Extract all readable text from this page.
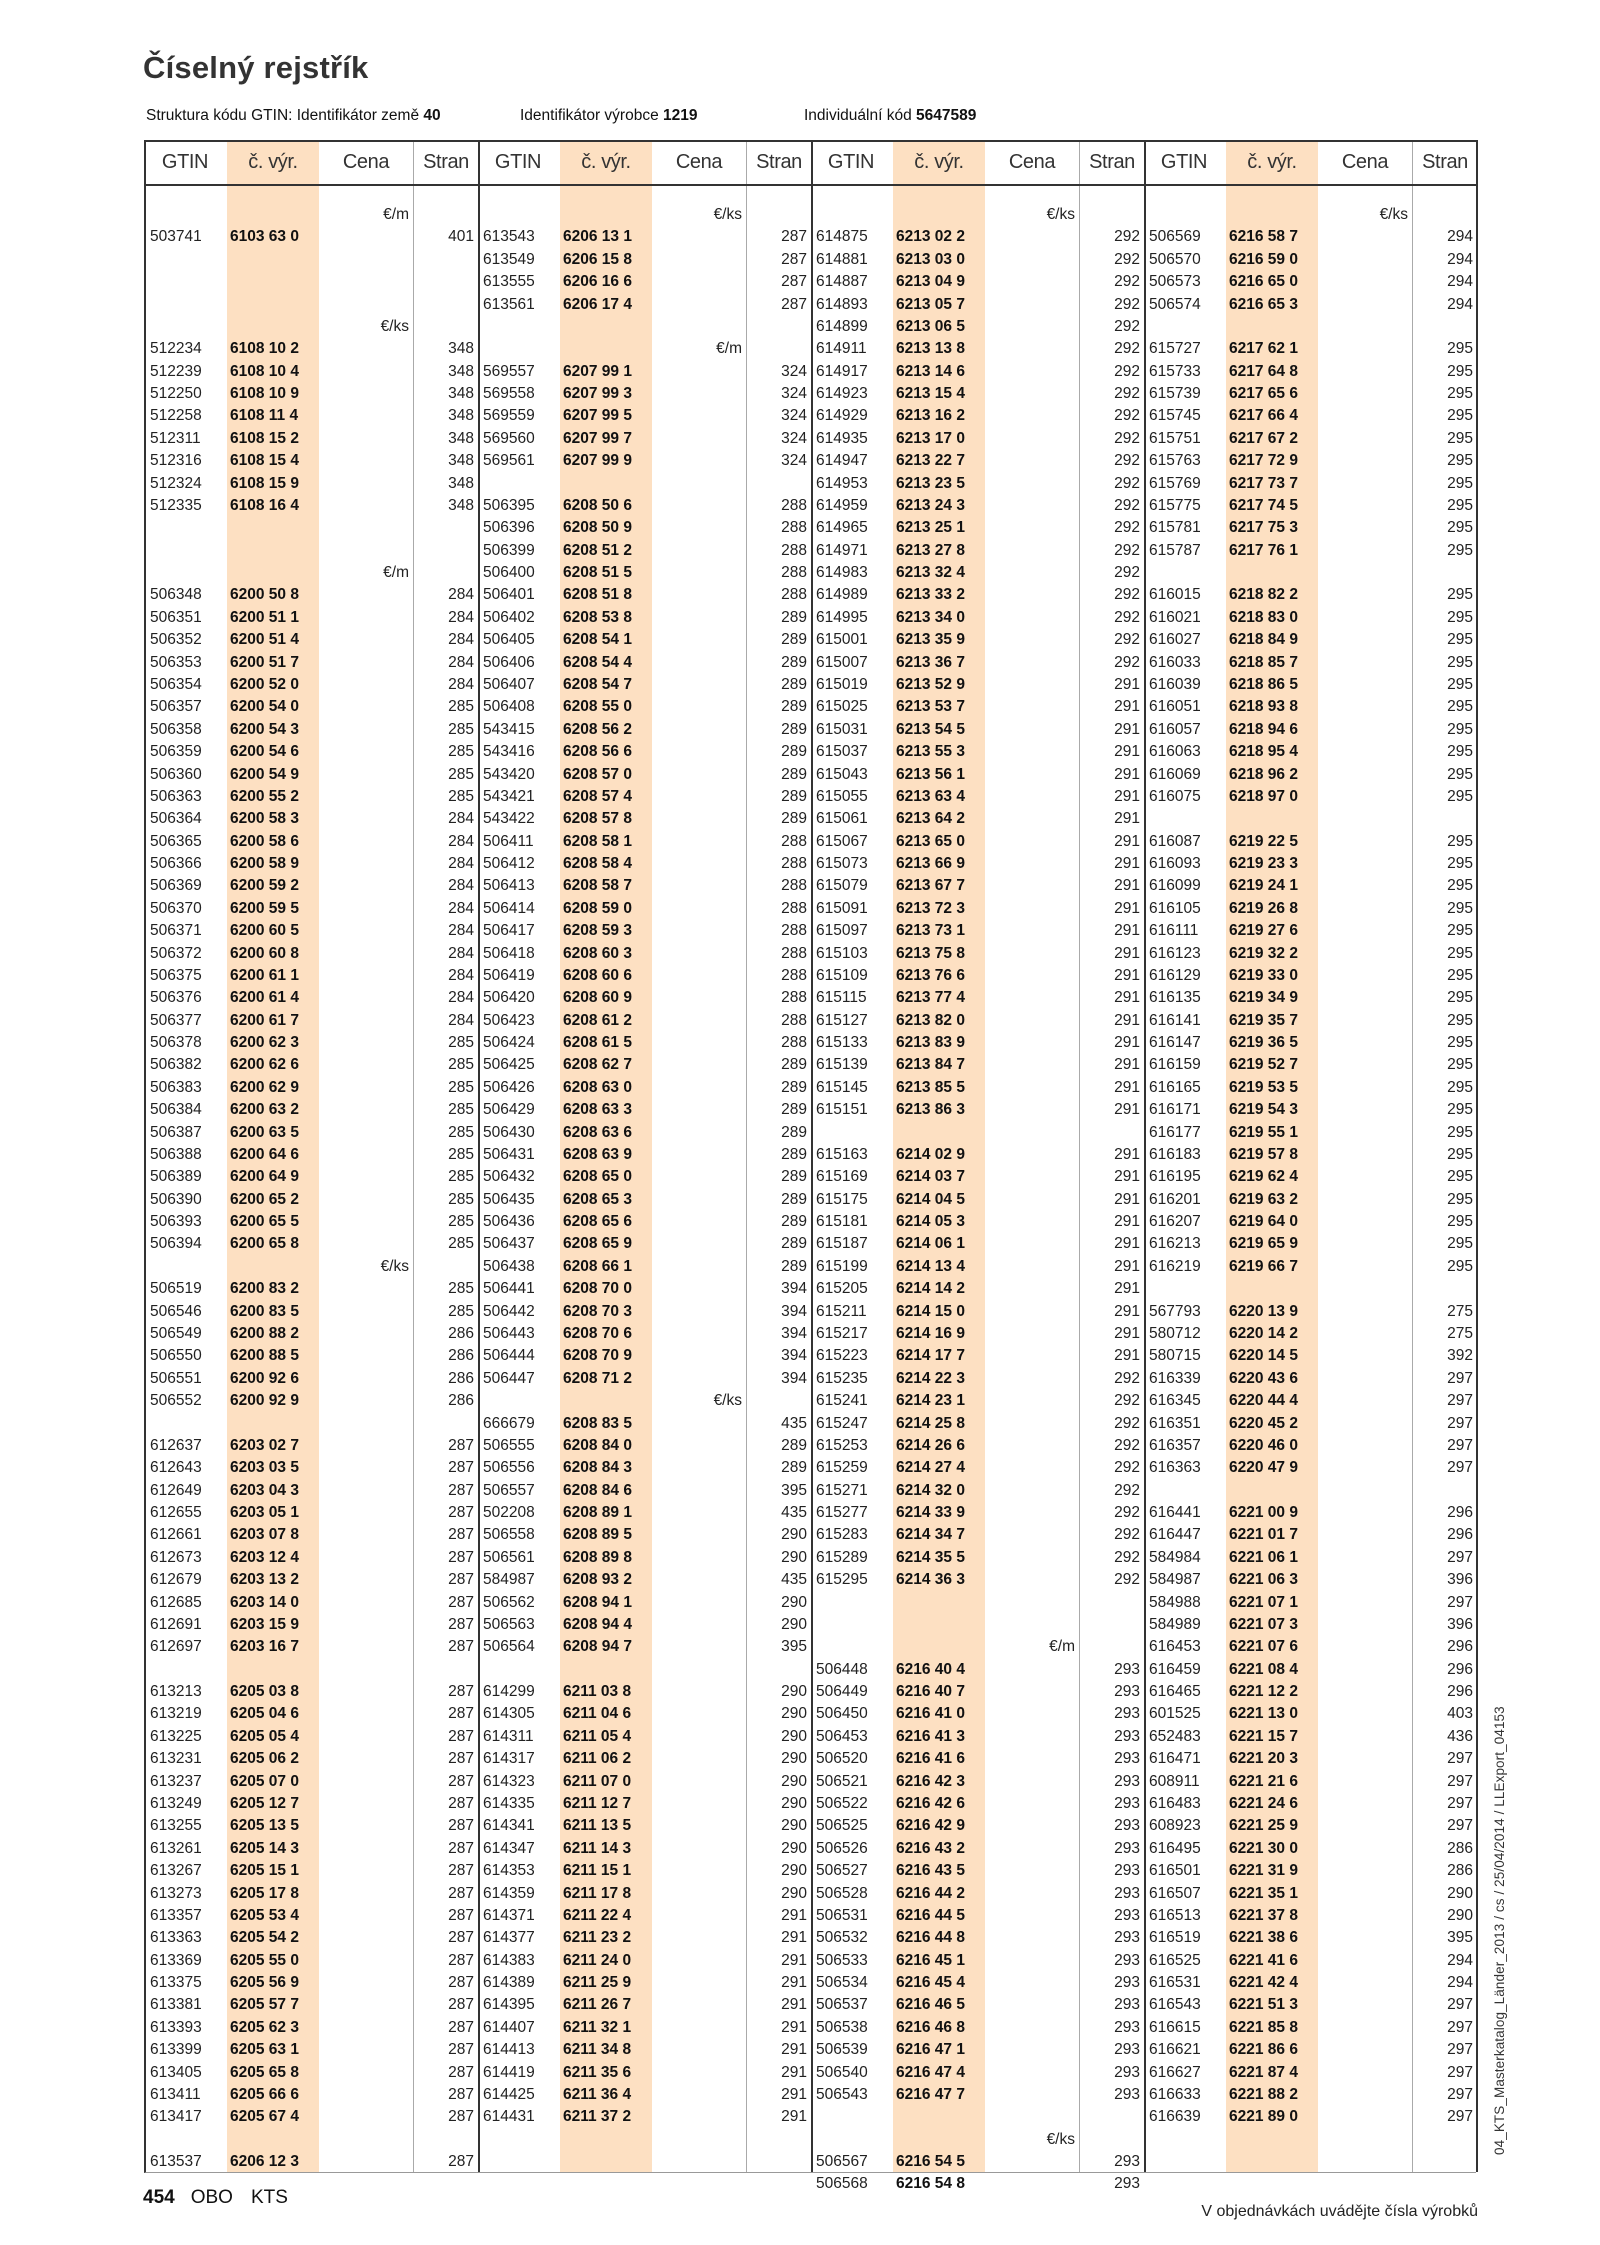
Číselný rejstřík
Struktura kódu GTIN: Identifikátor země 40	Identifikátor výrobce 1219	Individuální kód 5647589
GTIN	č. výr.	Cena	Stran
€/m
503741	6103 63 0	401
€/ks
512234	6108 10 2	348
512239	6108 10 4	348
512250	6108 10 9	348
512258	6108 11 4	348
512311	6108 15 2	348
512316	6108 15 4	348
512324	6108 15 9	348
512335	6108 16 4	348
€/m
506348	6200 50 8	284
506351	6200 51 1	284
506352	6200 51 4	284
506353	6200 51 7	284
506354	6200 52 0	284
506357	6200 54 0	285
506358	6200 54 3	285
506359	6200 54 6	285
506360	6200 54 9	285
506363	6200 55 2	285
506364	6200 58 3	284
506365	6200 58 6	284
506366	6200 58 9	284
506369	6200 59 2	284
506370	6200 59 5	284
506371	6200 60 5	284
506372	6200 60 8	284
506375	6200 61 1	284
506376	6200 61 4	284
506377	6200 61 7	284
506378	6200 62 3	285
506382	6200 62 6	285
506383	6200 62 9	285
506384	6200 63 2	285
506387	6200 63 5	285
506388	6200 64 6	285
506389	6200 64 9	285
506390	6200 65 2	285
506393	6200 65 5	285
506394	6200 65 8	285
€/ks
506519	6200 83 2	285
506546	6200 83 5	285
506549	6200 88 2	286
506550	6200 88 5	286
506551	6200 92 6	286
506552	6200 92 9	286
612637	6203 02 7	287
612643	6203 03 5	287
612649	6203 04 3	287
612655	6203 05 1	287
612661	6203 07 8	287
612673	6203 12 4	287
612679	6203 13 2	287
612685	6203 14 0	287
612691	6203 15 9	287
612697	6203 16 7	287
613213	6205 03 8	287
613219	6205 04 6	287
613225	6205 05 4	287
613231	6205 06 2	287
613237	6205 07 0	287
613249	6205 12 7	287
613255	6205 13 5	287
613261	6205 14 3	287
613267	6205 15 1	287
613273	6205 17 8	287
613357	6205 53 4	287
613363	6205 54 2	287
613369	6205 55 0	287
613375	6205 56 9	287
613381	6205 57 7	287
613393	6205 62 3	287
613399	6205 63 1	287
613405	6205 65 8	287
613411	6205 66 6	287
613417	6205 67 4	287
613537	6206 12 3	287
GTIN	č. výr.	Cena	Stran
€/ks
613543	6206 13 1	287
613549	6206 15 8	287
613555	6206 16 6	287
613561	6206 17 4	287
€/m
569557	6207 99 1	324
569558	6207 99 3	324
569559	6207 99 5	324
569560	6207 99 7	324
569561	6207 99 9	324
506395	6208 50 6	288
506396	6208 50 9	288
506399	6208 51 2	288
506400	6208 51 5	288
506401	6208 51 8	288
506402	6208 53 8	289
506405	6208 54 1	289
506406	6208 54 4	289
506407	6208 54 7	289
506408	6208 55 0	289
543415	6208 56 2	289
543416	6208 56 6	289
543420	6208 57 0	289
543421	6208 57 4	289
543422	6208 57 8	289
506411	6208 58 1	288
506412	6208 58 4	288
506413	6208 58 7	288
506414	6208 59 0	288
506417	6208 59 3	288
506418	6208 60 3	288
506419	6208 60 6	288
506420	6208 60 9	288
506423	6208 61 2	288
506424	6208 61 5	288
506425	6208 62 7	289
506426	6208 63 0	289
506429	6208 63 3	289
506430	6208 63 6	289
506431	6208 63 9	289
506432	6208 65 0	289
506435	6208 65 3	289
506436	6208 65 6	289
506437	6208 65 9	289
506438	6208 66 1	289
506441	6208 70 0	394
506442	6208 70 3	394
506443	6208 70 6	394
506444	6208 70 9	394
506447	6208 71 2	394
€/ks
666679	6208 83 5	435
506555	6208 84 0	289
506556	6208 84 3	289
506557	6208 84 6	395
502208	6208 89 1	435
506558	6208 89 5	290
506561	6208 89 8	290
584987	6208 93 2	435
506562	6208 94 1	290
506563	6208 94 4	290
506564	6208 94 7	395
614299	6211 03 8	290
614305	6211 04 6	290
614311	6211 05 4	290
614317	6211 06 2	290
614323	6211 07 0	290
614335	6211 12 7	290
614341	6211 13 5	290
614347	6211 14 3	290
614353	6211 15 1	290
614359	6211 17 8	290
614371	6211 22 4	291
614377	6211 23 2	291
614383	6211 24 0	291
614389	6211 25 9	291
614395	6211 26 7	291
614407	6211 32 1	291
614413	6211 34 8	291
614419	6211 35 6	291
614425	6211 36 4	291
614431	6211 37 2	291
GTIN	č. výr.	Cena	Stran
€/ks
614875	6213 02 2	292
614881	6213 03 0	292
614887	6213 04 9	292
614893	6213 05 7	292
614899	6213 06 5	292
614911	6213 13 8	292
614917	6213 14 6	292
614923	6213 15 4	292
614929	6213 16 2	292
614935	6213 17 0	292
614947	6213 22 7	292
614953	6213 23 5	292
614959	6213 24 3	292
614965	6213 25 1	292
614971	6213 27 8	292
614983	6213 32 4	292
614989	6213 33 2	292
614995	6213 34 0	292
615001	6213 35 9	292
615007	6213 36 7	292
615019	6213 52 9	291
615025	6213 53 7	291
615031	6213 54 5	291
615037	6213 55 3	291
615043	6213 56 1	291
615055	6213 63 4	291
615061	6213 64 2	291
615067	6213 65 0	291
615073	6213 66 9	291
615079	6213 67 7	291
615091	6213 72 3	291
615097	6213 73 1	291
615103	6213 75 8	291
615109	6213 76 6	291
615115	6213 77 4	291
615127	6213 82 0	291
615133	6213 83 9	291
615139	6213 84 7	291
615145	6213 85 5	291
615151	6213 86 3	291
615163	6214 02 9	291
615169	6214 03 7	291
615175	6214 04 5	291
615181	6214 05 3	291
615187	6214 06 1	291
615199	6214 13 4	291
615205	6214 14 2	291
615211	6214 15 0	291
615217	6214 16 9	291
615223	6214 17 7	291
615235	6214 22 3	292
615241	6214 23 1	292
615247	6214 25 8	292
615253	6214 26 6	292
615259	6214 27 4	292
615271	6214 32 0	292
615277	6214 33 9	292
615283	6214 34 7	292
615289	6214 35 5	292
615295	6214 36 3	292
€/m
506448	6216 40 4	293
506449	6216 40 7	293
506450	6216 41 0	293
506453	6216 41 3	293
506520	6216 41 6	293
506521	6216 42 3	293
506522	6216 42 6	293
506525	6216 42 9	293
506526	6216 43 2	293
506527	6216 43 5	293
506528	6216 44 2	293
506531	6216 44 5	293
506532	6216 44 8	293
506533	6216 45 1	293
506534	6216 45 4	293
506537	6216 46 5	293
506538	6216 46 8	293
506539	6216 47 1	293
506540	6216 47 4	293
506543	6216 47 7	293
€/ks
506567	6216 54 5	293
506568	6216 54 8	293
GTIN	č. výr.	Cena	Stran
€/ks
506569	6216 58 7	294
506570	6216 59 0	294
506573	6216 65 0	294
506574	6216 65 3	294
615727	6217 62 1	295
615733	6217 64 8	295
615739	6217 65 6	295
615745	6217 66 4	295
615751	6217 67 2	295
615763	6217 72 9	295
615769	6217 73 7	295
615775	6217 74 5	295
615781	6217 75 3	295
615787	6217 76 1	295
616015	6218 82 2	295
616021	6218 83 0	295
616027	6218 84 9	295
616033	6218 85 7	295
616039	6218 86 5	295
616051	6218 93 8	295
616057	6218 94 6	295
616063	6218 95 4	295
616069	6218 96 2	295
616075	6218 97 0	295
616087	6219 22 5	295
616093	6219 23 3	295
616099	6219 24 1	295
616105	6219 26 8	295
616111	6219 27 6	295
616123	6219 32 2	295
616129	6219 33 0	295
616135	6219 34 9	295
616141	6219 35 7	295
616147	6219 36 5	295
616159	6219 52 7	295
616165	6219 53 5	295
616171	6219 54 3	295
616177	6219 55 1	295
616183	6219 57 8	295
616195	6219 62 4	295
616201	6219 63 2	295
616207	6219 64 0	295
616213	6219 65 9	295
616219	6219 66 7	295
567793	6220 13 9	275
580712	6220 14 2	275
580715	6220 14 5	392
616339	6220 43 6	297
616345	6220 44 4	297
616351	6220 45 2	297
616357	6220 46 0	297
616363	6220 47 9	297
616441	6221 00 9	296
616447	6221 01 7	296
584984	6221 06 1	297
584987	6221 06 3	396
584988	6221 07 1	297
584989	6221 07 3	396
616453	6221 07 6	296
616459	6221 08 4	296
616465	6221 12 2	296
601525	6221 13 0	403
652483	6221 15 7	436
616471	6221 20 3	297
608911	6221 21 6	297
616483	6221 24 6	297
608923	6221 25 9	297
616495	6221 30 0	286
616501	6221 31 9	286
616507	6221 35 1	290
616513	6221 37 8	290
616519	6221 38 6	395
616525	6221 41 6	294
616531	6221 42 4	294
616543	6221 51 3	297
616615	6221 85 8	297
616621	6221 86 6	297
616627	6221 87 4	297
616633	6221 88 2	297
616639	6221 89 0	297
454 OBO KTS
V objednávkách uvádějte čísla výrobků
04_KTS_Masterkatalog_Länder_2013 / cs / 25/04/2014 / LLExport_04153
